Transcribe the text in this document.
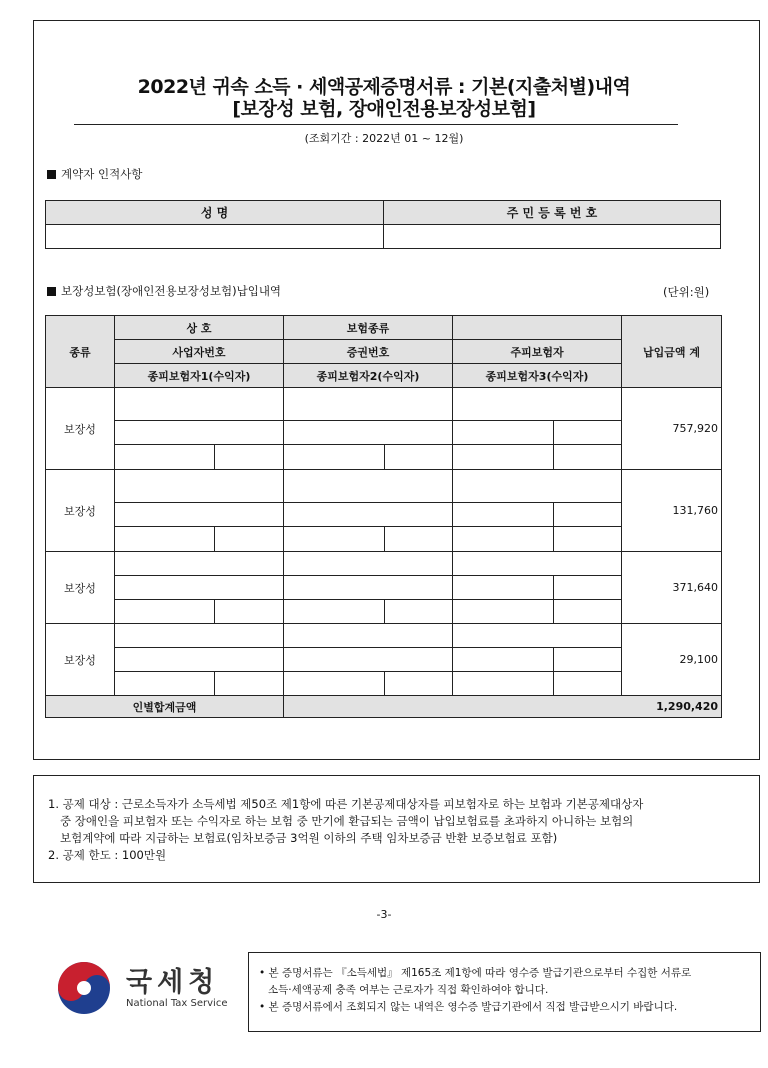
2022년 귀속 소득 · 세액공제증명서류 : 기본(지출처별)내역
[보장성 보험, 장애인전용보장성보험]
(조회기간 : 2022년 01 ~ 12월)
계약자 인적사항
성 명	주 민 등 록 번 호

보장성보험(장애인전용보장성보험)납입내역	(단위:원)
종류	상 호		보험종류				납입금액 계
	사업자번호		증권번호		주피보험자		
	종피보험자1(수익자)		종피보험자2(수익자)		종피보험자3(수익자)		
보장성							757,920

보장성							131,760

보장성							371,640

보장성							29,100

인별합계금액			1,290,420				

1. 공제 대상 : 근로소득자가 소득세법 제50조 제1항에 따른 기본공제대상자를 피보험자로 하는 보험과 기본공제대상자

중 장애인을 피보험자 또는 수익자로 하는 보험 중 만기에 환급되는 금액이 납입보험료를 초과하지 아니하는 보험의

보험계약에 따라 지급하는 보험료(임차보증금 3억원 이하의 주택 임차보증금 반환 보증보험료 포함)

2. 공제 한도 : 100만원

-3-
국세청
National Tax Service

• 본 증명서류는 『소득세법』 제165조 제1항에 따라 영수증 발급기관으로부터 수집한 서류로

소득·세액공제 충족 여부는 근로자가 직접 확인하여야 합니다.

• 본 증명서류에서 조회되지 않는 내역은 영수증 발급기관에서 직접 발급받으시기 바랍니다.
